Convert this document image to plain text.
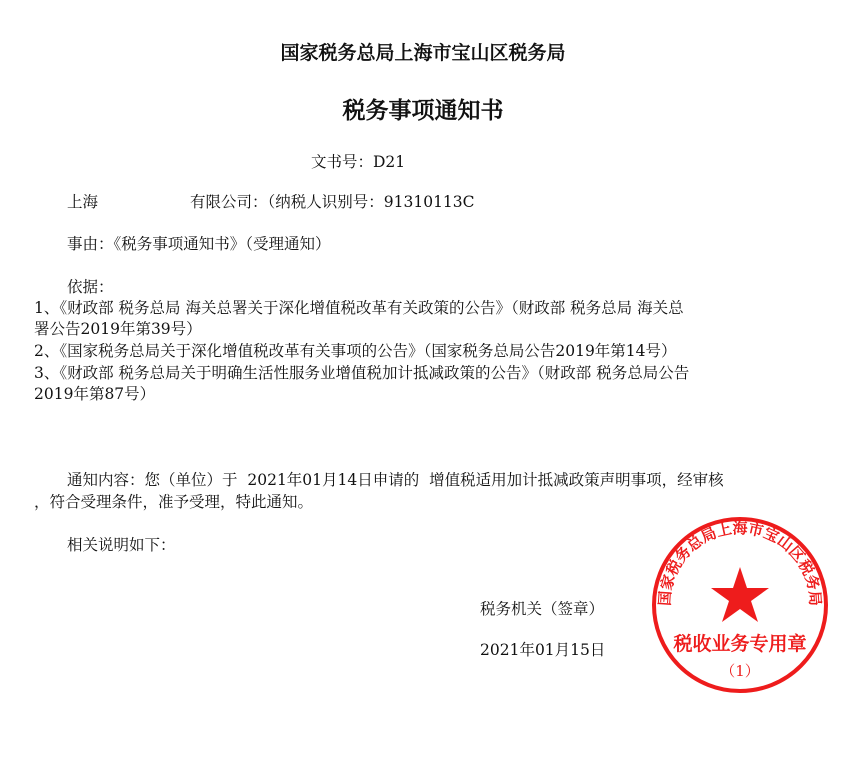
国家税务总局上海市宝山区税务局
税务事项通知书
文书号：D21
上海	有限公司：（纳税人识别号：91310113C
事由：《税务事项通知书》（受理通知）
依据：
1、《财政部 税务总局 海关总署关于深化增值税改革有关政策的公告》（财政部 税务总局 海关总
署公告2019年第39号）
2、《国家税务总局关于深化增值税改革有关事项的公告》（国家税务总局公告2019年第14号）
3、《财政部 税务总局关于明确生活性服务业增值税加计抵减政策的公告》（财政部 税务总局公告
2019年第87号）
通知内容：您（单位）于  2021年01月14日申请的  增值税适用加计抵减政策声明事项，经审核
，符合受理条件，准予受理，特此通知。
相关说明如下：
税务机关（签章）
2021年01月15日
国家税务总局上海市宝山区税务局
税收业务专用章
（1）
